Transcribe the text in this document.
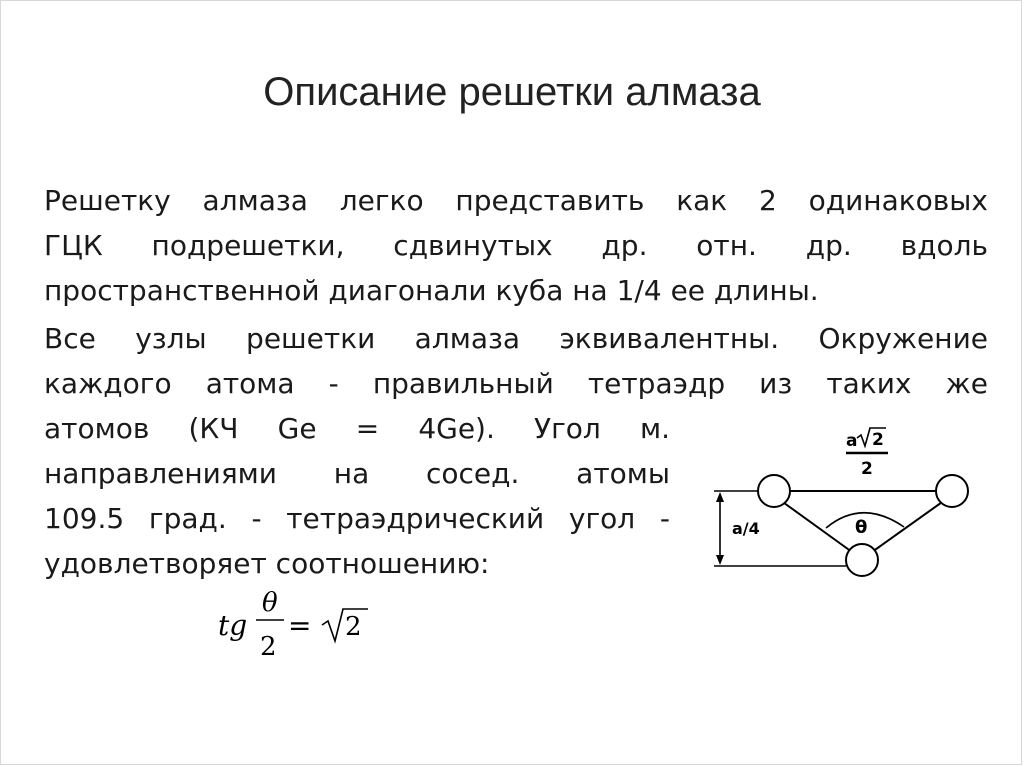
Описание решетки алмаза

Решетку алмаза легко представить как 2 одинаковых
ГЦК подрешетки, сдвинутых др. отн. др. вдоль
пространственной диагонали куба на 1/4 ее длины.

Все узлы решетки алмаза эквивалентны. Окружение
каждого атома - правильный тетраэдр из таких же

атомов (КЧ Ge = 4Ge). Угол м.
направлениями на сосед. атомы
109.5 град. - тетраэдрический угол -
удовлетворяет соотношению:

tg
θ
2
= 2
a 2
2
θ
a/4
